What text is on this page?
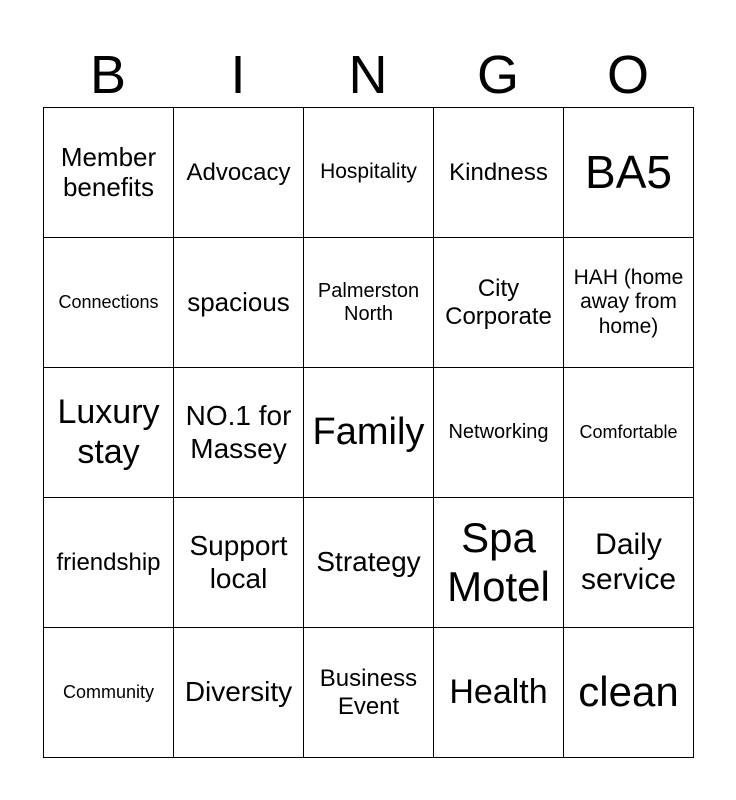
B	I	N	G	O
Member benefits	Advocacy	Hospitality	Kindness	BA5
Connections	spacious	Palmerston North	City Corporate	HAH (home away from home)
Luxury stay	NO.1 for Massey	Family	Networking	Comfortable
friendship	Support local	Strategy	Spa Motel	Daily service
Community	Diversity	Business Event	Health	clean
